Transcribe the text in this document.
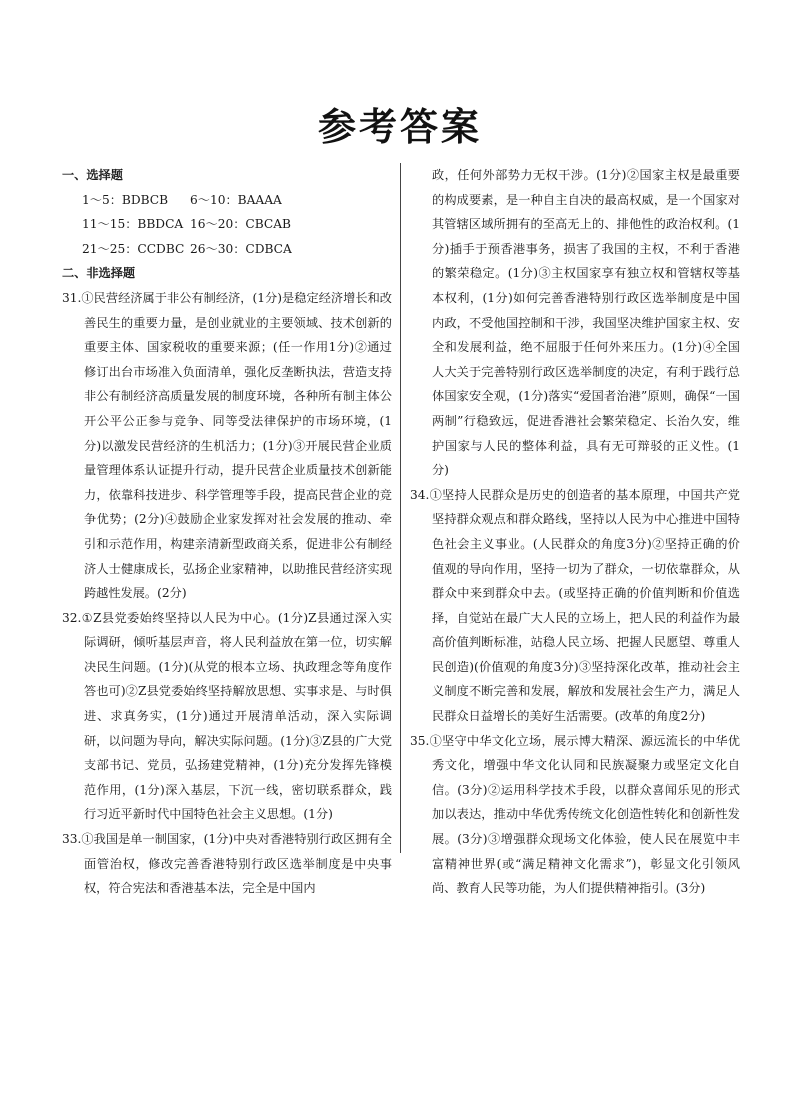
参考答案
一、选择题
1～5：BDBCB	6～10：BAAAA
11～15：BBDCA 16～20：CBCAB
21～25：CCDBC 26～30：CDBCA
二、非选择题
31.①民营经济属于非公有制经济，(1分)是稳定经济增长和改善民生的重要力量，是创业就业的主要领域、技术创新的重要主体、国家税收的重要来源；(任一作用1分)②通过修订出台市场准入负面清单，强化反垄断执法，营造支持非公有制经济高质量发展的制度环境，各种所有制主体公开公平公正参与竞争、同等受法律保护的市场环境，(1分)以激发民营经济的生机活力；(1分)③开展民营企业质量管理体系认证提升行动，提升民营企业质量技术创新能力，依靠科技进步、科学管理等手段，提高民营企业的竞争优势；(2分)④鼓励企业家发挥对社会发展的推动、牵引和示范作用，构建亲清新型政商关系，促进非公有制经济人士健康成长，弘扬企业家精神，以助推民营经济实现跨越性发展。(2分)
32.①Z县党委始终坚持以人民为中心。(1分)Z县通过深入实际调研，倾听基层声音，将人民利益放在第一位，切实解决民生问题。(1分)(从党的根本立场、执政理念等角度作答也可)②Z县党委始终坚持解放思想、实事求是、与时俱进、求真务实，(1分)通过开展清单活动，深入实际调研，以问题为导向，解决实际问题。(1分)③Z县的广大党支部书记、党员，弘扬建党精神，(1分)充分发挥先锋模范作用，(1分)深入基层，下沉一线，密切联系群众，践行习近平新时代中国特色社会主义思想。(1分)
33.①我国是单一制国家，(1分)中央对香港特别行政区拥有全面管治权，修改完善香港特别行政区选举制度是中央事权，符合宪法和香港基本法，完全是中国内
政，任何外部势力无权干涉。(1分)②国家主权是最重要的构成要素，是一种自主自决的最高权威，是一个国家对其管辖区域所拥有的至高无上的、排他性的政治权利。(1分)插手于预香港事务，损害了我国的主权，不利于香港的繁荣稳定。(1分)③主权国家享有独立权和管辖权等基本权利，(1分)如何完善香港特别行政区选举制度是中国内政，不受他国控制和干涉，我国坚决维护国家主权、安全和发展利益，绝不屈服于任何外来压力。(1分)④全国人大关于完善特别行政区选举制度的决定，有利于践行总体国家安全观，(1分)落实“爱国者治港”原则，确保“一国两制”行稳致远，促进香港社会繁荣稳定、长治久安，维护国家与人民的整体利益，具有无可辩驳的正义性。(1分)
34.①坚持人民群众是历史的创造者的基本原理，中国共产党坚持群众观点和群众路线，坚持以人民为中心推进中国特色社会主义事业。(人民群众的角度3分)②坚持正确的价值观的导向作用，坚持一切为了群众，一切依靠群众，从群众中来到群众中去。(或坚持正确的价值判断和价值选择，自觉站在最广大人民的立场上，把人民的利益作为最高价值判断标准，站稳人民立场、把握人民愿望、尊重人民创造)(价值观的角度3分)③坚持深化改革，推动社会主义制度不断完善和发展，解放和发展社会生产力，满足人民群众日益增长的美好生活需要。(改革的角度2分)
35.①坚守中华文化立场，展示博大精深、源远流长的中华优秀文化，增强中华文化认同和民族凝聚力或坚定文化自信。(3分)②运用科学技术手段，以群众喜闻乐见的形式加以表达，推动中华优秀传统文化创造性转化和创新性发展。(3分)③增强群众现场文化体验，使人民在展览中丰富精神世界(或“满足精神文化需求”)，彰显文化引领风尚、教育人民等功能，为人们提供精神指引。(3分)
